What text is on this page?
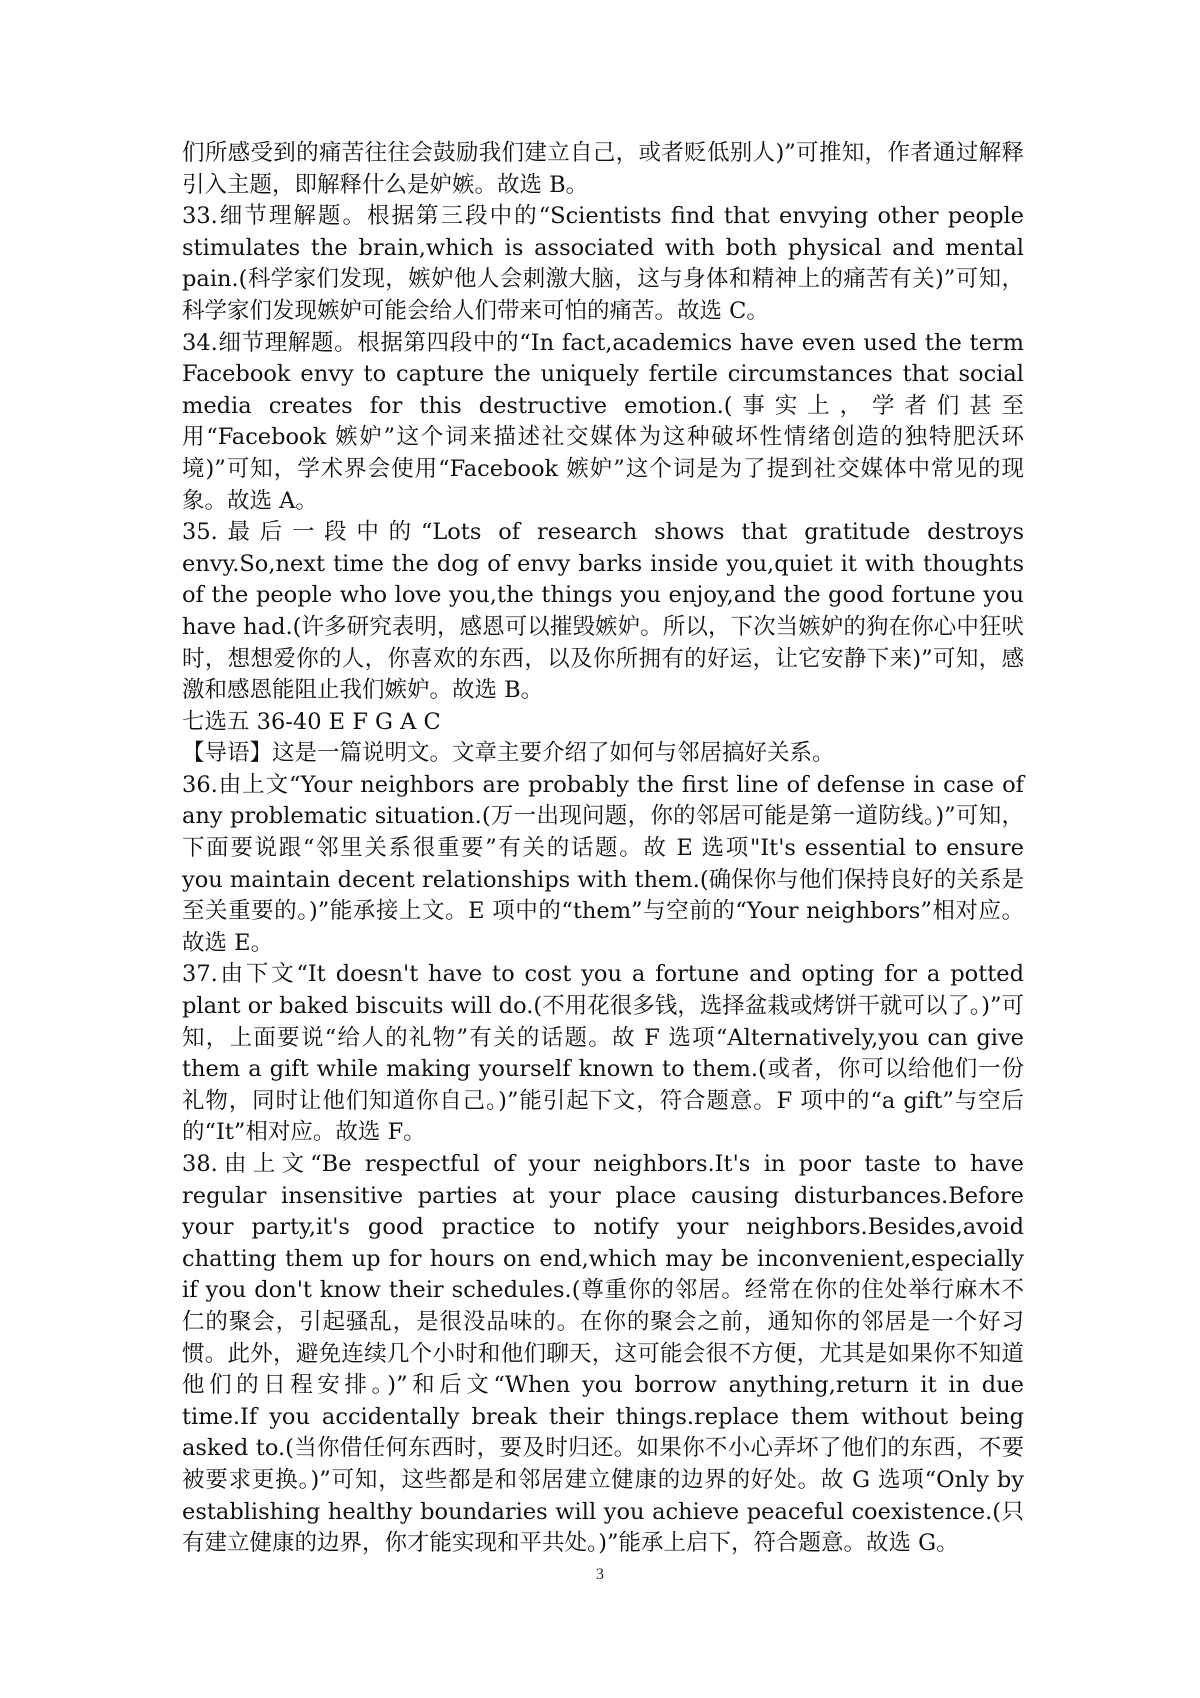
们所感受到的痛苦往往会鼓励我们建立自己，或者贬低别人)”可推知，作者通过解释引入主题，即解释什么是妒嫉。故选 B。

33.细节理解题。根据第三段中的“Scientists find that envying other people stimulates the brain,which is associated with both physical and mental pain.(科学家们发现，嫉妒他人会刺激大脑，这与身体和精神上的痛苦有关)”可知，科学家们发现嫉妒可能会给人们带来可怕的痛苦。故选 C。

34.细节理解题。根据第四段中的“In fact,academics have even used the term Facebook envy to capture the uniquely fertile circumstances that social media creates for this destructive emotion.(事实上，学者们甚至用“Facebook 嫉妒”这个词来描述社交媒体为这种破坏性情绪创造的独特肥沃环境)”可知，学术界会使用“Facebook 嫉妒”这个词是为了提到社交媒体中常见的现象。故选 A。

35.最后一段中的“Lots of research shows that gratitude destroys envy.So,next time the dog of envy barks inside you,quiet it with thoughts of the people who love you,the things you enjoy,and the good fortune you have had.(许多研究表明，感恩可以摧毁嫉妒。所以，下次当嫉妒的狗在你心中狂吠时，想想爱你的人，你喜欢的东西，以及你所拥有的好运，让它安静下来)”可知，感激和感恩能阻止我们嫉妒。故选 B。

七选五 36-40 E F G A C

【导语】这是一篇说明文。文章主要介绍了如何与邻居搞好关系。

36.由上文“Your neighbors are probably the first line of defense in case of any problematic situation.(万一出现问题，你的邻居可能是第一道防线。)”可知，下面要说跟“邻里关系很重要”有关的话题。故 E 选项"It's essential to ensure you maintain decent relationships with them.(确保你与他们保持良好的关系是至关重要的。)”能承接上文。E 项中的“them”与空前的“Your neighbors”相对应。故选 E。

37.由下文“It doesn't have to cost you a fortune and opting for a potted plant or baked biscuits will do.(不用花很多钱，选择盆栽或烤饼干就可以了。)”可知，上面要说“给人的礼物”有关的话题。故 F 选项“Alternatively,you can give them a gift while making yourself known to them.(或者，你可以给他们一份礼物，同时让他们知道你自己。)”能引起下文，符合题意。F 项中的“a gift”与空后的“It”相对应。故选 F。

38.由上文“Be respectful of your neighbors.It's in poor taste to have regular insensitive parties at your place causing disturbances.Before your party,it's good practice to notify your neighbors.Besides,avoid chatting them up for hours on end,which may be inconvenient,especially if you don't know their schedules.(尊重你的邻居。经常在你的住处举行麻木不仁的聚会，引起骚乱，是很没品味的。在你的聚会之前，通知你的邻居是一个好习惯。此外，避免连续几个小时和他们聊天，这可能会很不方便，尤其是如果你不知道他们的日程安排。)”和后文“When you borrow anything,return it in due time.If you accidentally break their things.replace them without being asked to.(当你借任何东西时，要及时归还。如果你不小心弄坏了他们的东西，不要被要求更换。)”可知，这些都是和邻居建立健康的边界的好处。故 G 选项“Only by establishing healthy boundaries will you achieve peaceful coexistence.(只有建立健康的边界，你才能实现和平共处。)”能承上启下，符合题意。故选 G。

3
